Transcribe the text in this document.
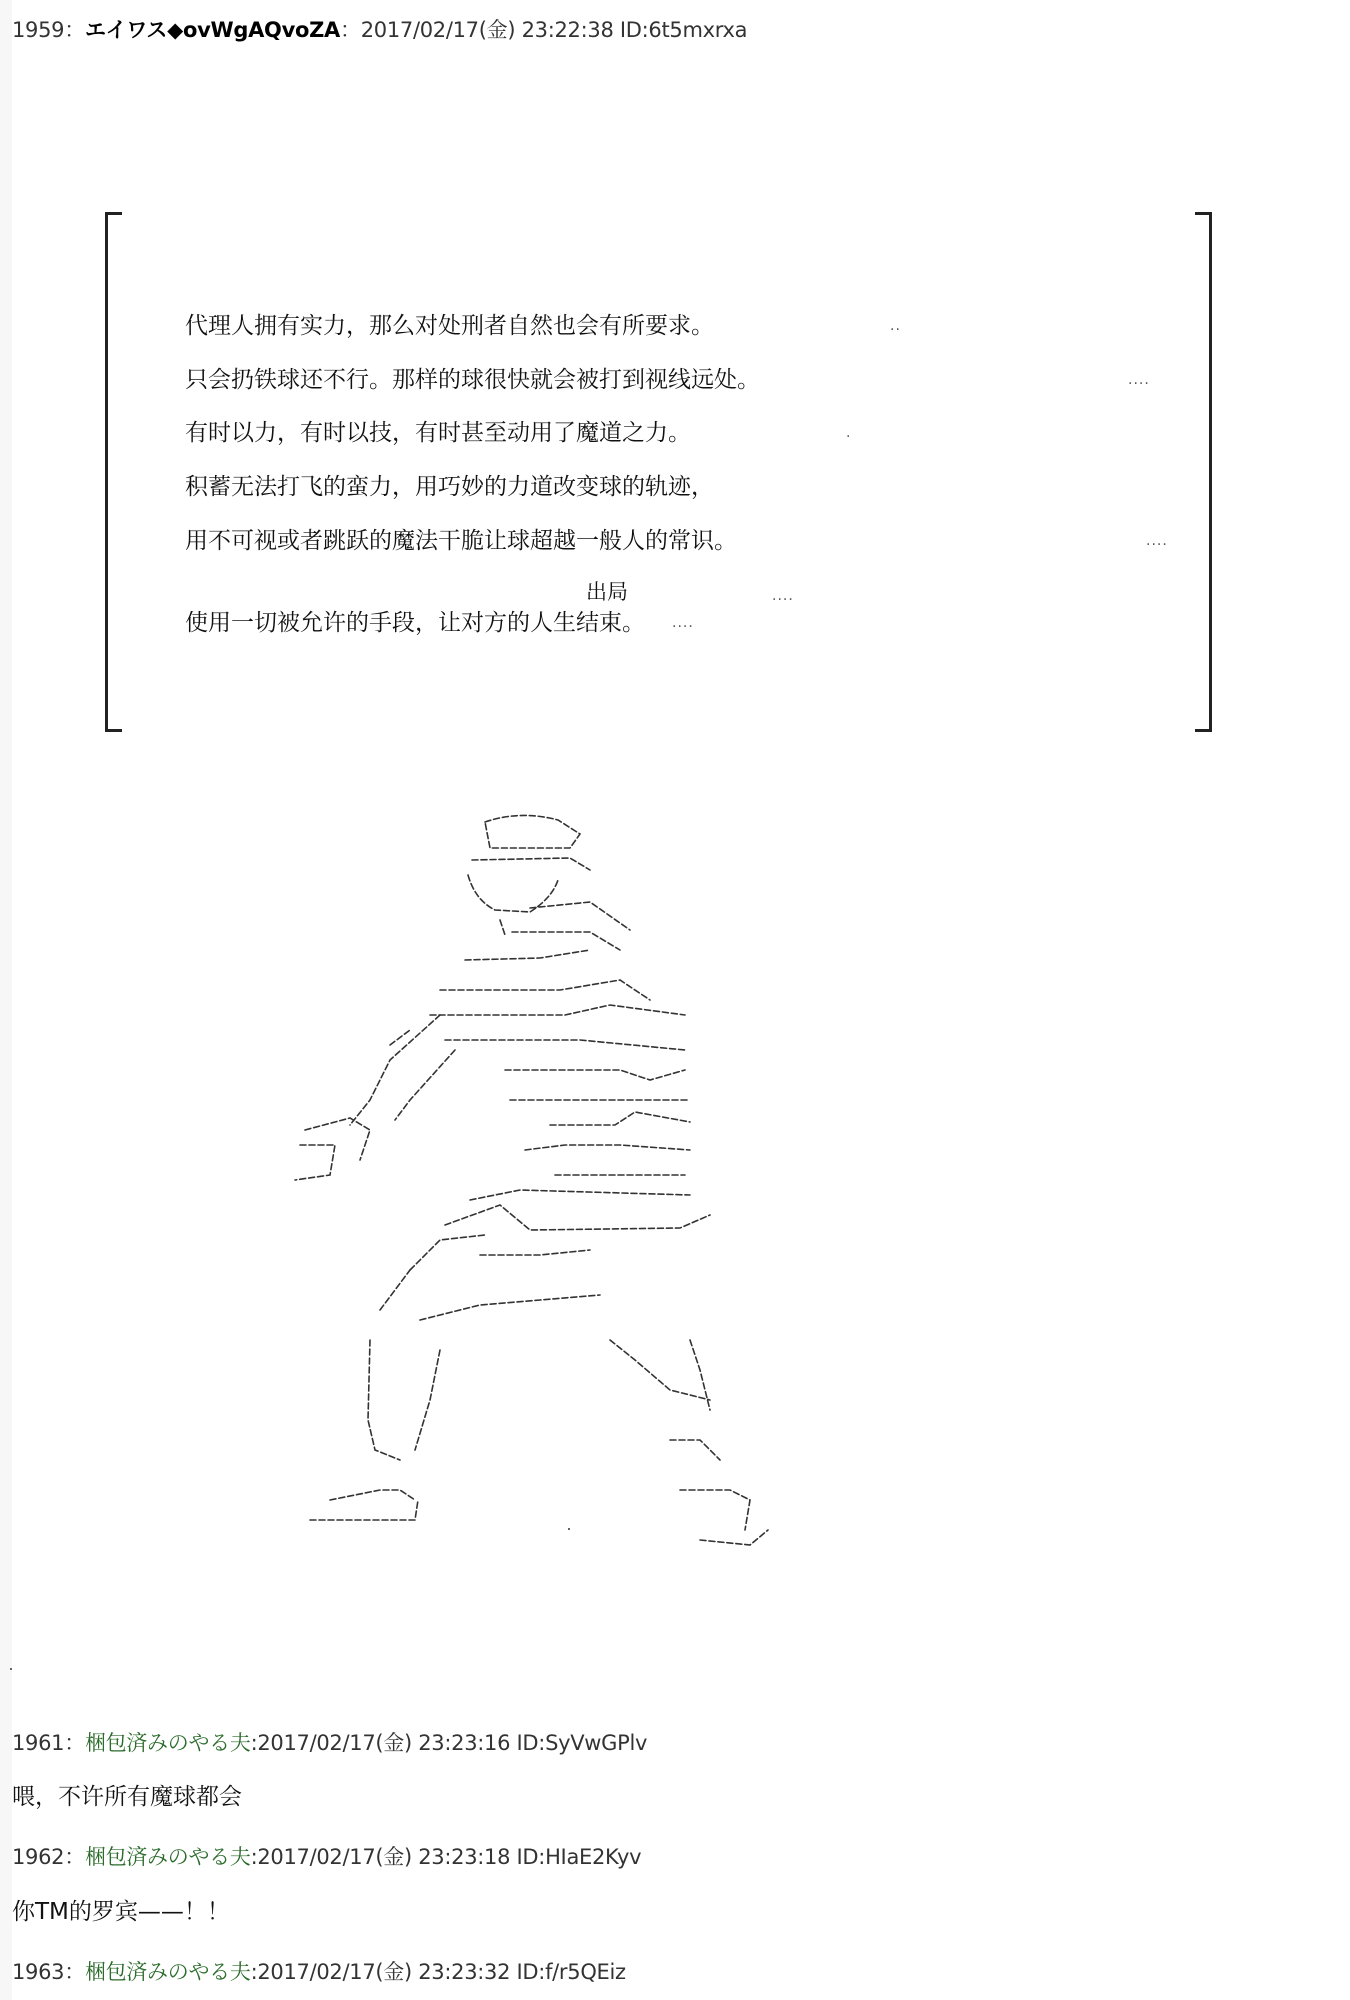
1959：エイワス◆ovWgAQvoZA：2017/02/17(金) 23:22:38 ID:6t5mxrxa
代理人拥有实力，那么对处刑者自然也会有所要求。
只会扔铁球还不行。那样的球很快就会被打到视线远处。
有时以力，有时以技，有时甚至动用了魔道之力。
积蓄无法打飞的蛮力，用巧妙的力道改变球的轨迹，
用不可视或者跳跃的魔法干脆让球超越一般人的常识。
出局
使用一切被允许的手段，让对方的人生结束。
..
....
.
....
....
....
1961：梱包済みのやる夫:2017/02/17(金) 23:23:16 ID:SyVwGPlv
喂，不许所有魔球都会
1962：梱包済みのやる夫:2017/02/17(金) 23:23:18 ID:HIaE2Kyv
你TM的罗宾——！！
1963：梱包済みのやる夫:2017/02/17(金) 23:23:32 ID:f/r5QEiz
